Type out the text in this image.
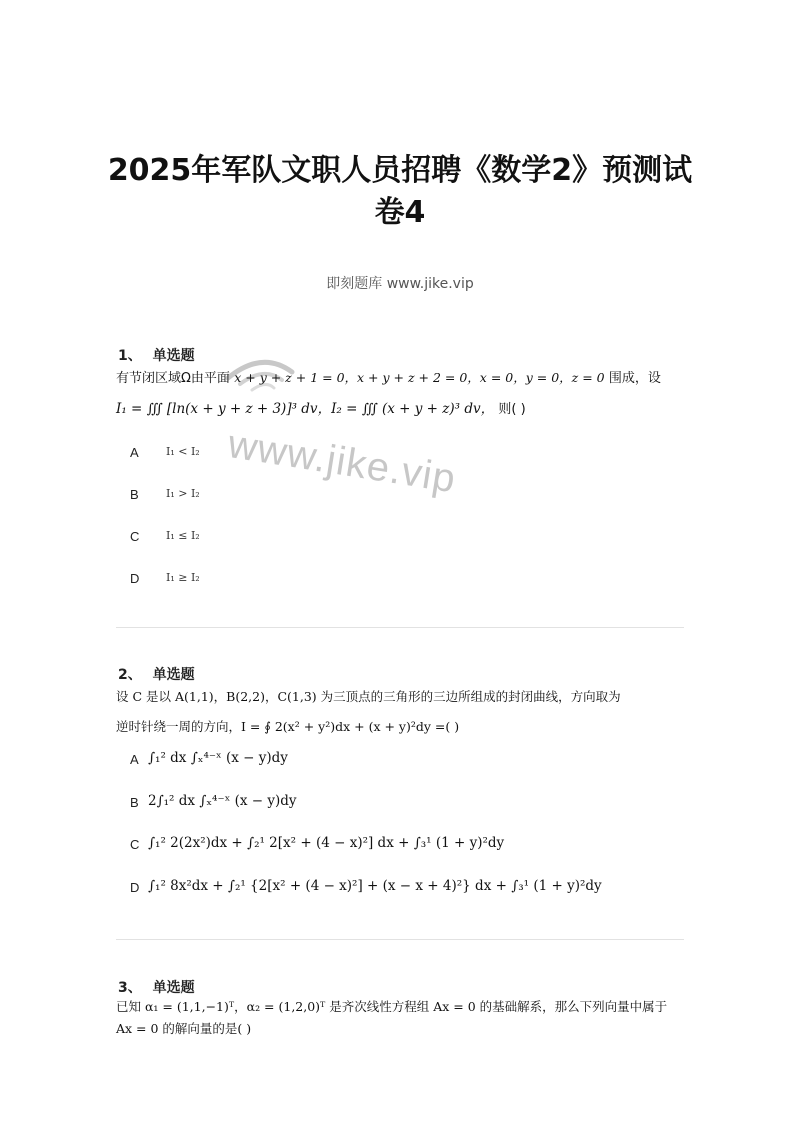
2025年军队文职人员招聘《数学2》预测试卷4
即刻题库 www.jike.vip
www.jike.vip
1、 单选题
有节闭区域Ω由平面 x + y + z + 1 = 0，x + y + z + 2 = 0，x = 0，y = 0，z = 0 围成，设
I₁ = ∭ [ln(x + y + z + 3)]³ dv，I₂ = ∭ (x + y + z)³ dv， 则( )
A I₁ < I₂
B I₁ > I₂
C I₁ ≤ I₂
D I₁ ≥ I₂
2、 单选题
设 C 是以 A(1,1)，B(2,2)，C(1,3) 为三顶点的三角形的三边所组成的封闭曲线，方向取为
逆时针绕一周的方向，I = ∮ 2(x² + y²)dx + (x + y)²dy =( )
A ∫₁² dx ∫ₓ⁴⁻ˣ (x − y)dy
B 2∫₁² dx ∫ₓ⁴⁻ˣ (x − y)dy
C ∫₁² 2(2x²)dx + ∫₂¹ 2[x² + (4 − x)²] dx + ∫₃¹ (1 + y)²dy
D ∫₁² 8x²dx + ∫₂¹ {2[x² + (4 − x)²] + (x − x + 4)²} dx + ∫₃¹ (1 + y)²dy
3、 单选题
已知 α₁ = (1,1,−1)ᵀ，α₂ = (1,2,0)ᵀ 是齐次线性方程组 Ax = 0 的基础解系，那么下列向量中属于
Ax = 0 的解向量的是( )
